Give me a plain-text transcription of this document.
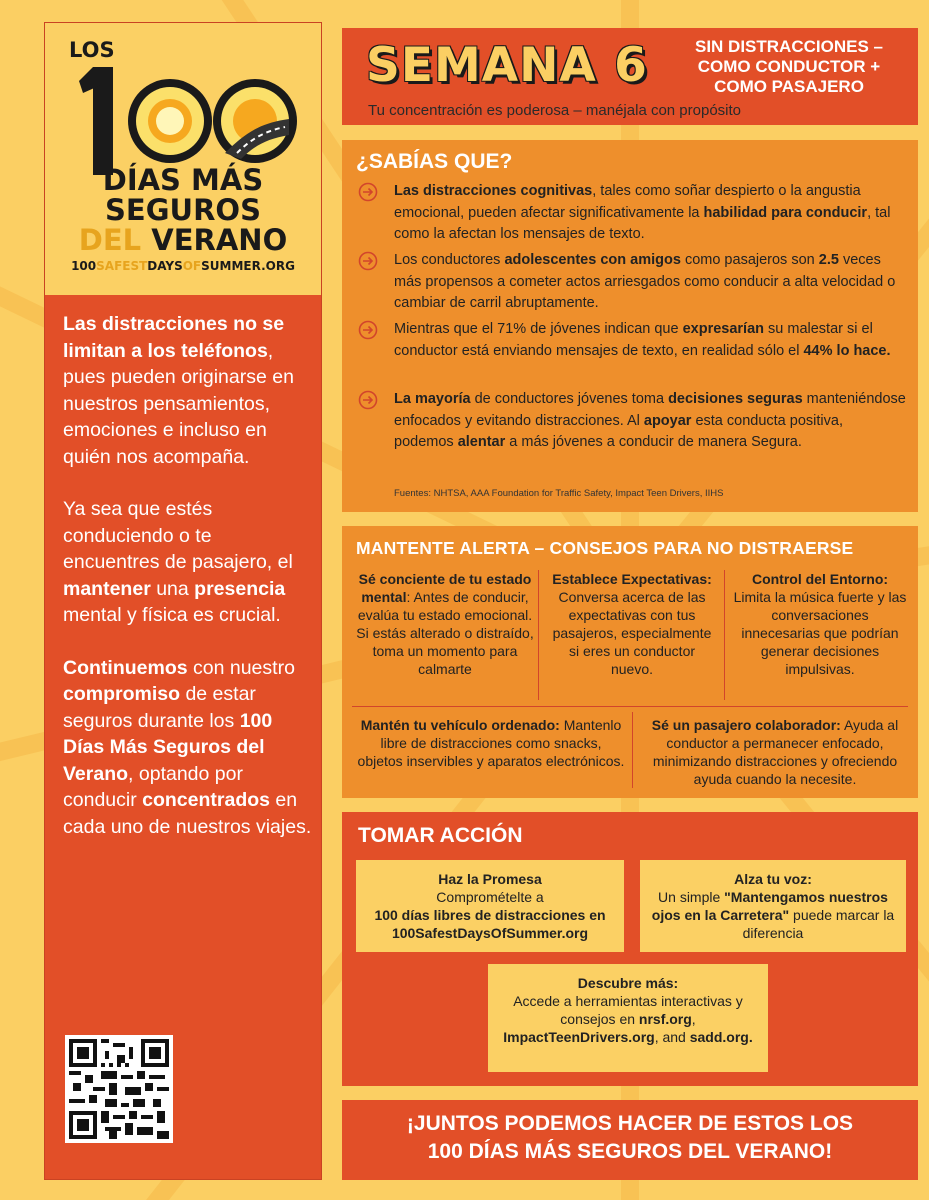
LOS
DÍAS MÁS
SEGUROS
DEL VERANO
100SAFESTDAYSOFSUMMER.ORG

Las distracciones no se limitan a los teléfonos, pues pueden originarse en nuestros pensamientos, emociones e incluso en quién nos acompaña.

Ya sea que estés conduciendo o te encuentres de pasajero, el mantener una presencia mental y física es crucial.

Continuemos con nuestro compromiso de estar seguros durante los 100 Días Más Seguros del Verano, optando por conducir concentrados en cada uno de nuestros viajes.

SEMANA 6	SIN DISTRACCIONES –
COMO CONDUCTOR +
COMO PASAJERO
Tu concentración es poderosa – manéjala con propósito
¿SABÍAS QUE?
Las distracciones cognitivas, tales como soñar despierto o la angustia emocional, pueden afectar significativamente la habilidad para conducir, tal como la afectan los mensajes de texto.
Los conductores adolescentes con amigos como pasajeros son 2.5 veces más propensos a cometer actos arriesgados como conducir a alta velocidad o cambiar de carril abruptamente.
Mientras que el 71% de jóvenes indican que expresarían su malestar si el conductor está enviando mensajes de texto, en realidad sólo el 44% lo hace.
La mayoría de conductores jóvenes toma decisiones seguras manteniéndose enfocados y evitando distracciones. Al apoyar esta conducta positiva, podemos alentar a más jóvenes a conducir de manera Segura.
Fuentes: NHTSA, AAA Foundation for Traffic Safety, Impact Teen Drivers, IIHS
MANTENTE ALERTA – CONSEJOS PARA NO DISTRAERSE
Sé conciente de tu estado mental: Antes de conducir, evalúa tu estado emocional. Si estás alterado o distraído, toma un momento para calmarte
Establece Expectativas: Conversa acerca de las expectativas con tus pasajeros, especialmente si eres un conductor nuevo.
Control del Entorno: Limita la música fuerte y las conversaciones innecesarias que podrían generar decisiones impulsivas.
Mantén tu vehículo ordenado: Mantenlo libre de distracciones como snacks, objetos inservibles y aparatos electrónicos.
Sé un pasajero colaborador: Ayuda al conductor a permanecer enfocado, minimizando distracciones y ofreciendo ayuda cuando la necesite.
TOMAR ACCIÓN
Haz la Promesa
Compromételte a
100 días libres de distracciones en 100SafestDaysOfSummer.org
Alza tu voz:
Un simple "Mantengamos nuestros ojos en la Carretera" puede marcar la diferencia
Descubre más:
Accede a herramientas interactivas y consejos en nrsf.org, ImpactTeenDrivers.org, and sadd.org.
¡JUNTOS PODEMOS HACER DE ESTOS LOS
100 DÍAS MÁS SEGUROS DEL VERANO!
